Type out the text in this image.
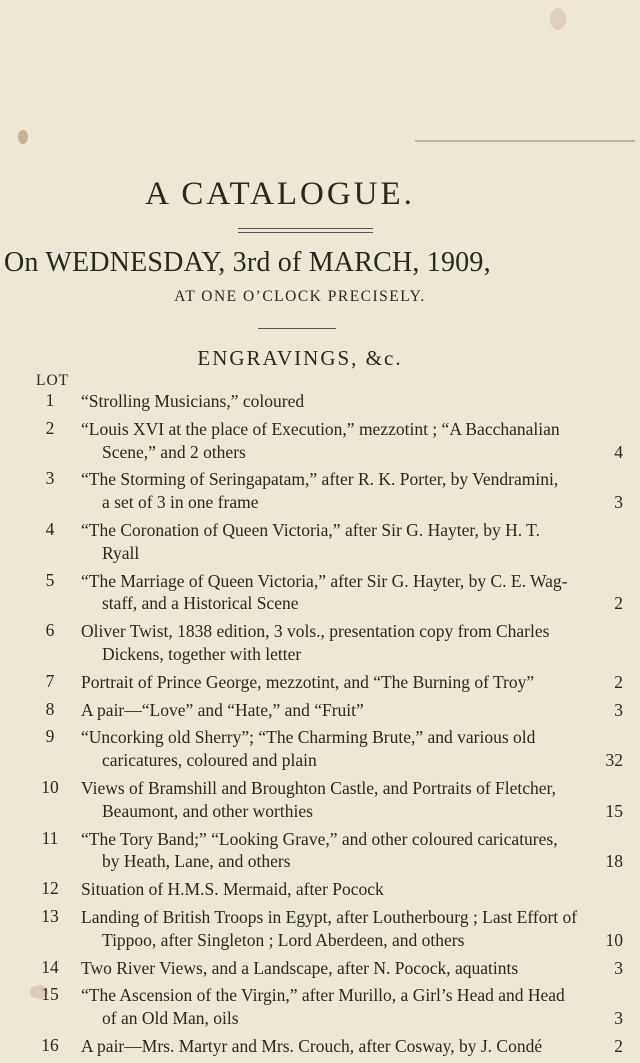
A CATALOGUE.
On WEDNESDAY, 3rd of MARCH, 1909,
AT ONE O’CLOCK PRECISELY.
ENGRAVINGS, &c.
LOT
1	“Strolling Musicians,” coloured
2	“Louis XVI at the place of Execution,” mezzotint ; “A Bacchanalian
Scene,” and 2 others	4
3	“The Storming of Seringapatam,” after R. K. Porter, by Vendramini,
a set of 3 in one frame	3
4	“The Coronation of Queen Victoria,” after Sir G. Hayter, by H. T.
Ryall
5	“The Marriage of Queen Victoria,” after Sir G. Hayter, by C. E. Wag-
staff, and a Historical Scene	2
6	Oliver Twist, 1838 edition, 3 vols., presentation copy from Charles
Dickens, together with letter
7	Portrait of Prince George, mezzotint, and “The Burning of Troy”	2
8	A pair—“Love” and “Hate,” and “Fruit”	3
9	“Uncorking old Sherry”; “The Charming Brute,” and various old
caricatures, coloured and plain	32
10	Views of Bramshill and Broughton Castle, and Portraits of Fletcher,
Beaumont, and other worthies	15
11	“The Tory Band;” “Looking Grave,” and other coloured caricatures,
by Heath, Lane, and others	18
12	Situation of H.M.S. Mermaid, after Pocock
13	Landing of British Troops in Egypt, after Loutherbourg ; Last Effort of
Tippoo, after Singleton ; Lord Aberdeen, and others	10
14	Two River Views, and a Landscape, after N. Pocock, aquatints	3
15	“The Ascension of the Virgin,” after Murillo, a Girl’s Head and Head
of an Old Man, oils	3
16	A pair—Mrs. Martyr and Mrs. Crouch, after Cosway, by J. Condé	2
